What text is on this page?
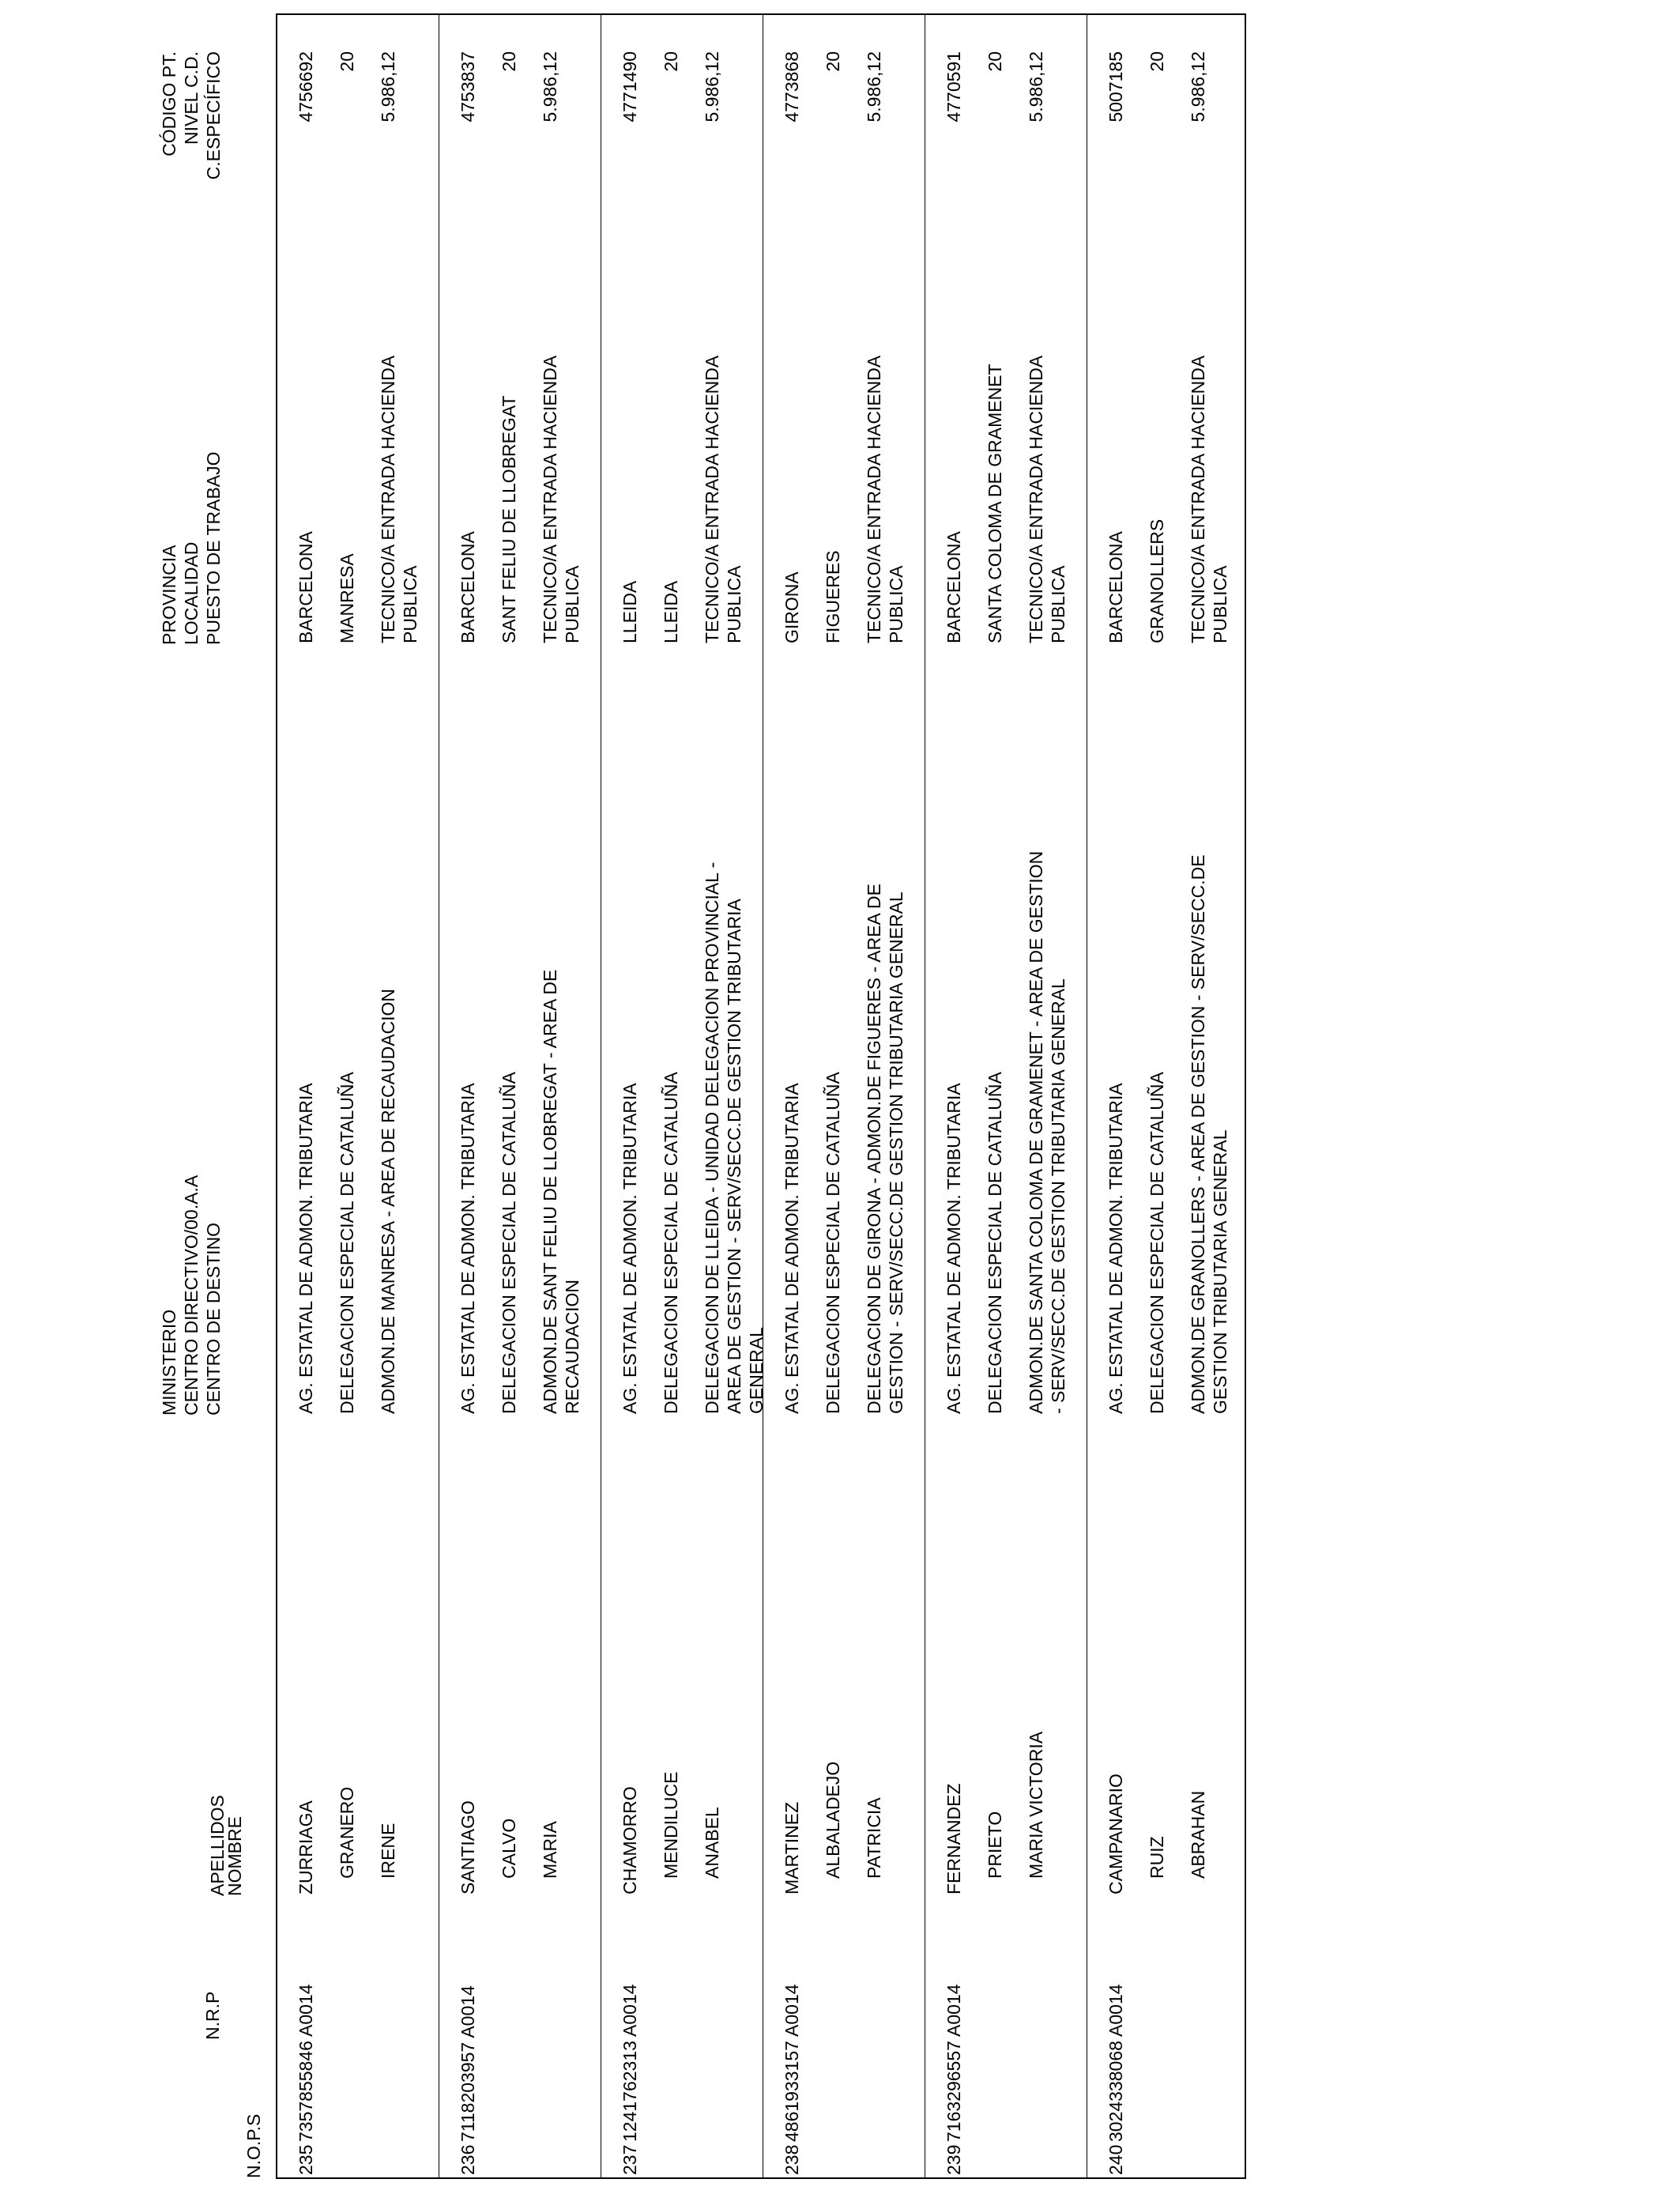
N.O.P.S
N.R.P
APELLIDOS
NOMBRE
MINISTERIO CENTRO DIRECTIVO/00.A.A CENTRO DE DESTINO
PROVINCIA LOCALIDAD PUESTO DE TRABAJO
CÓDIGO PT. NIVEL C.D. C.ESPECÍFICO
235
7357855846 A0014
ZURRIAGA GRANERO IRENE
AG. ESTATAL DE ADMON. TRIBUTARIA DELEGACION ESPECIAL DE CATALUÑA ADMON.DE MANRESA - AREA DE RECAUDACION
BARCELONA MANRESA TECNICO/A ENTRADA HACIENDA PUBLICA
4756692 20 5.986,12
236
7118203957 A0014
SANTIAGO CALVO MARIA
AG. ESTATAL DE ADMON. TRIBUTARIA DELEGACION ESPECIAL DE CATALUÑA ADMON.DE SANT FELIU DE LLOBREGAT - AREA DE RECAUDACION
BARCELONA SANT FELIU DE LLOBREGAT TECNICO/A ENTRADA HACIENDA PUBLICA
4753837 20 5.986,12
237
1241762313 A0014
CHAMORRO MENDILUCE ANABEL
AG. ESTATAL DE ADMON. TRIBUTARIA DELEGACION ESPECIAL DE CATALUÑA DELEGACION DE LLEIDA - UNIDAD DELEGACION PROVINCIAL - AREA DE GESTION - SERV/SECC.DE GESTION TRIBUTARIA GENERAL
LLEIDA LLEIDA TECNICO/A ENTRADA HACIENDA PUBLICA
4771490 20 5.986,12
238
4861933157 A0014
MARTINEZ ALBALADEJO PATRICIA
AG. ESTATAL DE ADMON. TRIBUTARIA DELEGACION ESPECIAL DE CATALUÑA DELEGACION DE GIRONA - ADMON.DE FIGUERES - AREA DE GESTION - SERV/SECC.DE GESTION TRIBUTARIA GENERAL
GIRONA FIGUERES TECNICO/A ENTRADA HACIENDA PUBLICA
4773868 20 5.986,12
239
7163296557 A0014
FERNANDEZ PRIETO MARIA VICTORIA
AG. ESTATAL DE ADMON. TRIBUTARIA DELEGACION ESPECIAL DE CATALUÑA ADMON.DE SANTA COLOMA DE GRAMENET - AREA DE GESTION - SERV/SECC.DE GESTION TRIBUTARIA GENERAL
BARCELONA SANTA COLOMA DE GRAMENET TECNICO/A ENTRADA HACIENDA PUBLICA
4770591 20 5.986,12
240
3024338068 A0014
CAMPANARIO RUIZ ABRAHAN
AG. ESTATAL DE ADMON. TRIBUTARIA DELEGACION ESPECIAL DE CATALUÑA ADMON.DE GRANOLLERS - AREA DE GESTION - SERV/SECC.DE GESTION TRIBUTARIA GENERAL
BARCELONA GRANOLLERS TECNICO/A ENTRADA HACIENDA PUBLICA
5007185 20 5.986,12
